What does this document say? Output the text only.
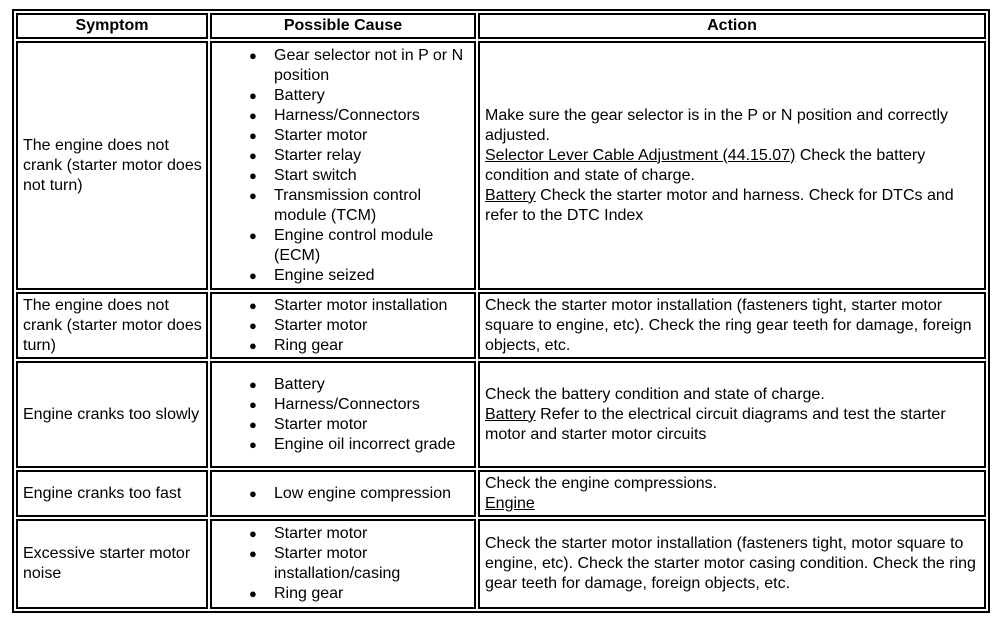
Symptom	Possible Cause	Action
The engine does not crank (starter motor does not turn)
● Gear selector not in P or N position
● Battery
● Harness/Connectors
● Starter motor
● Starter relay
● Start switch
● Transmission control module (TCM)
● Engine control module (ECM)
● Engine seized
Make sure the gear selector is in the P or N position and correctly adjusted.
Selector Lever Cable Adjustment (44.15.07) Check the battery condition and state of charge.
Battery Check the starter motor and harness. Check for DTCs and refer to the DTC Index
The engine does not crank (starter motor does turn)
● Starter motor installation
● Starter motor
● Ring gear
Check the starter motor installation (fasteners tight, starter motor square to engine, etc). Check the ring gear teeth for damage, foreign objects, etc.
Engine cranks too slowly
● Battery
● Harness/Connectors
● Starter motor
● Engine oil incorrect grade
Check the battery condition and state of charge.
Battery Refer to the electrical circuit diagrams and test the starter motor and starter motor circuits
Engine cranks too fast
●	Low engine compression
Check the engine compressions.
Engine
Excessive starter motor noise
● Starter motor
● Starter motor installation/casing
● Ring gear
Check the starter motor installation (fasteners tight, motor square to engine, etc). Check the starter motor casing condition. Check the ring gear teeth for damage, foreign objects, etc.
